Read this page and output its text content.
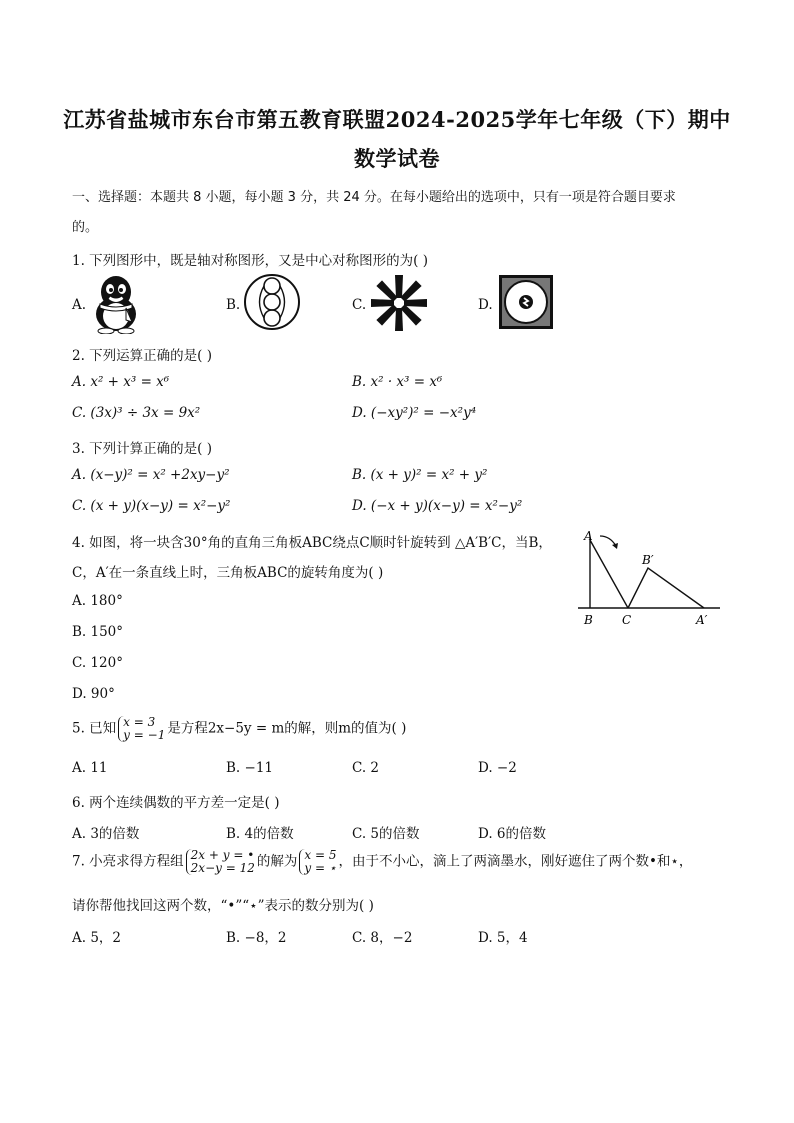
江苏省盐城市东台市第五教育联盟2024-2025学年七年级（下）期中
数学试卷
一、选择题：本题共 8 小题，每小题 3 分，共 24 分。在每小题给出的选项中，只有一项是符合题目要求
的。
1. 下列图形中，既是轴对称图形，又是中心对称图形的为( )
A.	B.	C.	D.
2. 下列运算正确的是( )
A. x² + x³ = x⁶	B. x² · x³ = x⁶
C. (3x)³ ÷ 3x = 9x²	D. (−xy²)² = −x²y⁴
3. 下列计算正确的是( )
A. (x−y)² = x² +2xy−y²	B. (x + y)² = x² + y²
C. (x + y)(x−y) = x²−y²	D. (−x + y)(x−y) = x²−y²
4. 如图，将一块含30°角的直角三角板ABC绕点C顺时针旋转到 △A′B′C，当B，
C，A′在一条直线上时，三角板ABC的旋转角度为( )
A. 180°
B. 150°
C. 120°
D. 90°
A
B C
B′
A′
5. 已知 x = 3
y = −1 是方程2x−5y = m的解，则m的值为( )
A. 11	B. −11	C. 2	D. −2
6. 两个连续偶数的平方差一定是( )
A. 3的倍数	B. 4的倍数	C. 5的倍数	D. 6的倍数
7. 小亮求得方程组 2x + y = •
2x−y = 12 的解为 x = 5
y = ⋆ ，由于不小心，滴上了两滴墨水，刚好遮住了两个数•和⋆，
请你帮他找回这两个数，“•”“⋆”表示的数分别为( )
A. 5，2	B. −8，2	C. 8，−2	D. 5，4
